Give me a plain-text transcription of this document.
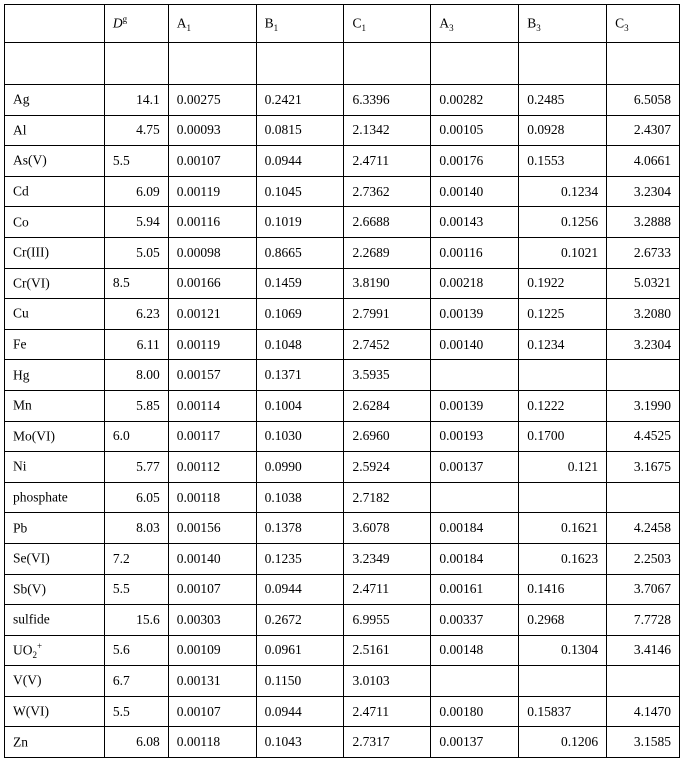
	$D^g$	$A_1$	$B_1$	$C_1$	$A_3$	$B_3$	$C_3$

Ag	14.1	0.00275	0.2421	6.3396	0.00282	0.2485	6.5058
Al	4.75	0.00093	0.0815	2.1342	0.00105	0.0928	2.4307
As(V)	5.5	0.00107	0.0944	2.4711	0.00176	0.1553	4.0661
Cd	6.09	0.00119	0.1045	2.7362	0.00140	0.1234	3.2304
Co	5.94	0.00116	0.1019	2.6688	0.00143	0.1256	3.2888
Cr(III)	5.05	0.00098	0.8665	2.2689	0.00116	0.1021	2.6733
Cr(VI)	8.5	0.00166	0.1459	3.8190	0.00218	0.1922	5.0321
Cu	6.23	0.00121	0.1069	2.7991	0.00139	0.1225	3.2080
Fe	6.11	0.00119	0.1048	2.7452	0.00140	0.1234	3.2304
Hg	8.00	0.00157	0.1371	3.5935			
Mn	5.85	0.00114	0.1004	2.6284	0.00139	0.1222	3.1990
Mo(VI)	6.0	0.00117	0.1030	2.6960	0.00193	0.1700	4.4525
Ni	5.77	0.00112	0.0990	2.5924	0.00137	0.121	3.1675
phosphate	6.05	0.00118	0.1038	2.7182			
Pb	8.03	0.00156	0.1378	3.6078	0.00184	0.1621	4.2458
Se(VI)	7.2	0.00140	0.1235	3.2349	0.00184	0.1623	2.2503
Sb(V)	5.5	0.00107	0.0944	2.4711	0.00161	0.1416	3.7067
sulfide	15.6	0.00303	0.2672	6.9955	0.00337	0.2968	7.7728
$UO_2^+$	5.6	0.00109	0.0961	2.5161	0.00148	0.1304	3.4146
V(V)	6.7	0.00131	0.1150	3.0103			
W(VI)	5.5	0.00107	0.0944	2.4711	0.00180	0.15837	4.1470
Zn	6.08	0.00118	0.1043	2.7317	0.00137	0.1206	3.1585
